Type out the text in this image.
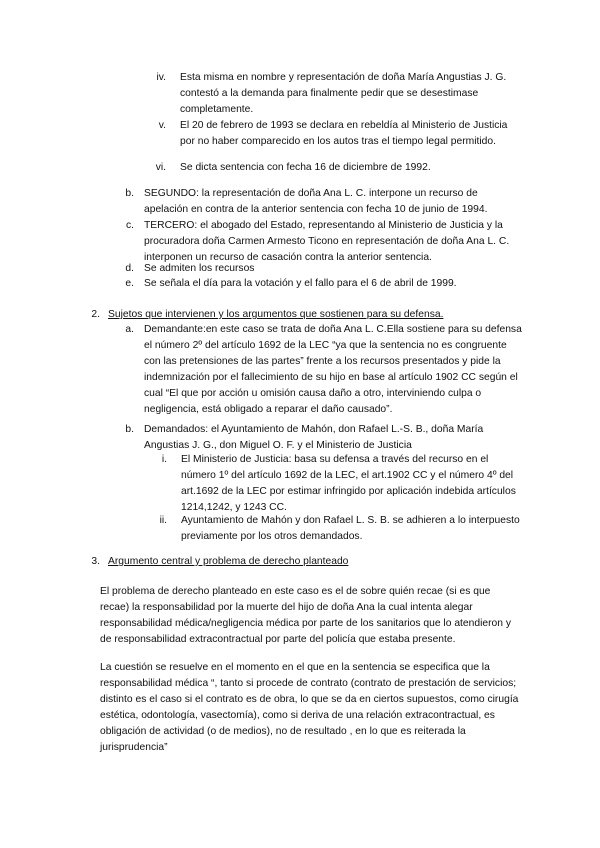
iv. Esta misma en nombre y representación de doña María Angustias J. G. contestó a la demanda para finalmente pedir que se desestimase completamente.
v. El 20 de febrero de 1993 se declara en rebeldía al Ministerio de Justicia por no haber comparecido en los autos tras el tiempo legal permitido.
vi. Se dicta sentencia con fecha 16 de diciembre de 1992.
b. SEGUNDO: la representación de doña Ana L. C. interpone un recurso de apelación en contra de la anterior sentencia con fecha 10 de junio de 1994.
c. TERCERO: el abogado del Estado, representando al Ministerio de Justicia y la procuradora doña Carmen Armesto Ticono en representación de doña Ana L. C. interponen un recurso de casación contra la anterior sentencia.
d. Se admiten los recursos
e. Se señala el día para la votación y el fallo para el 6 de abril de 1999.
2. Sujetos que intervienen y los argumentos que sostienen para su defensa.
a. Demandante:en este caso se trata de doña Ana L. C.Ella sostiene para su defensa el número 2º del artículo 1692 de la LEC “ya que la sentencia no es congruente con las pretensiones de las partes” frente a los recursos presentados y pide la indemnización por el fallecimiento de su hijo en base al artículo 1902 CC según el cual “El que por acción u omisión causa daño a otro, interviniendo culpa o negligencia, está obligado a reparar el daño causado”.
b. Demandados: el Ayuntamiento de Mahón, don Rafael L.-S. B., doña María Angustias J. G., don Miguel O. F. y el Ministerio de Justicia
i. El Ministerio de Justicia: basa su defensa a través del recurso en el número 1º del artículo 1692 de la LEC, el art.1902 CC y el número 4º del art.1692 de la LEC por estimar infringido por aplicación indebida artículos 1214,1242, y 1243 CC.
ii. Ayuntamiento de Mahón y don Rafael L. S. B. se adhieren a lo interpuesto previamente por los otros demandados.
3. Argumento central y problema de derecho planteado
El problema de derecho planteado en este caso es el de sobre quién recae (si es que recae) la responsabilidad por la muerte del hijo de doña Ana la cual intenta alegar responsabilidad médica/negligencia médica por parte de los sanitarios que lo atendieron y de responsabilidad extracontractual por parte del policía que estaba presente.
La cuestión se resuelve en el momento en el que en la sentencia se especifica que la responsabilidad médica “, tanto si procede de contrato (contrato de prestación de servicios; distinto es el caso si el contrato es de obra, lo que se da en ciertos supuestos, como cirugía estética, odontología, vasectomía), como si deriva de una relación extracontractual, es obligación de actividad (o de medios), no de resultado , en lo que es reiterada la jurisprudencia”
